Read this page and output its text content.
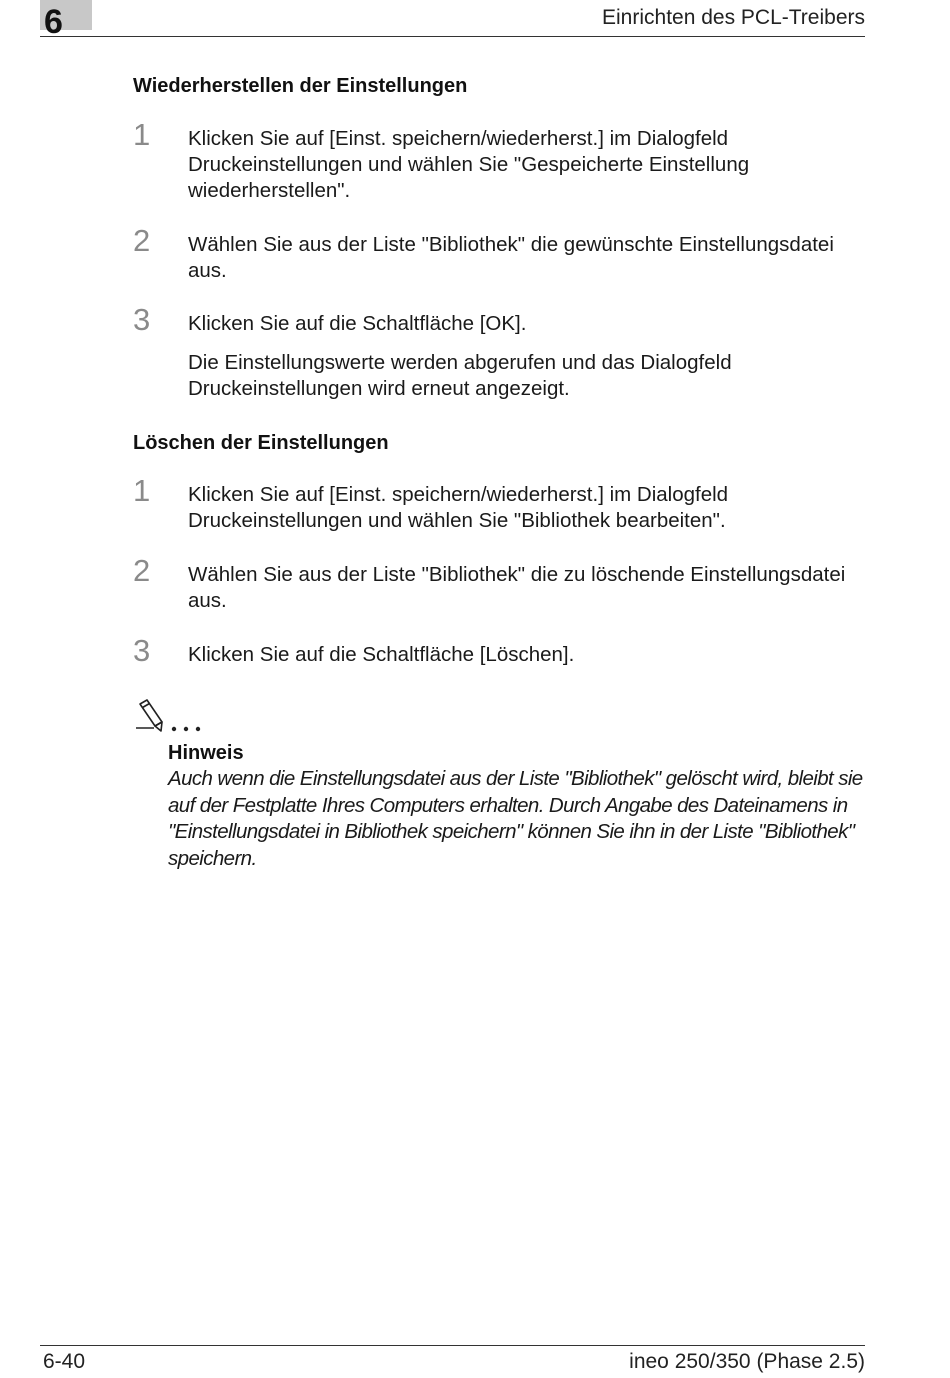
6	Einrichten des PCL-Treibers
Wiederherstellen der Einstellungen
1 Klicken Sie auf [Einst. speichern/wiederherst.] im Dialogfeld Druckeinstellungen und wählen Sie "Gespeicherte Einstellung wiederherstellen".
2 Wählen Sie aus der Liste "Bibliothek" die gewünschte Einstellungsdatei aus.
3 Klicken Sie auf die Schaltfläche [OK].
Die Einstellungswerte werden abgerufen und das Dialogfeld Druckeinstellungen wird erneut angezeigt.
Löschen der Einstellungen
1 Klicken Sie auf [Einst. speichern/wiederherst.] im Dialogfeld Druckeinstellungen und wählen Sie "Bibliothek bearbeiten".
2 Wählen Sie aus der Liste "Bibliothek" die zu löschende Einstellungsdatei aus.
3 Klicken Sie auf die Schaltfläche [Löschen].
Hinweis
Auch wenn die Einstellungsdatei aus der Liste "Bibliothek" gelöscht wird, bleibt sie auf der Festplatte Ihres Computers erhalten. Durch Angabe des Dateinamens in "Einstellungsdatei in Bibliothek speichern" können Sie ihn in der Liste "Bibliothek" speichern.
6-40	ineo 250/350 (Phase 2.5)
